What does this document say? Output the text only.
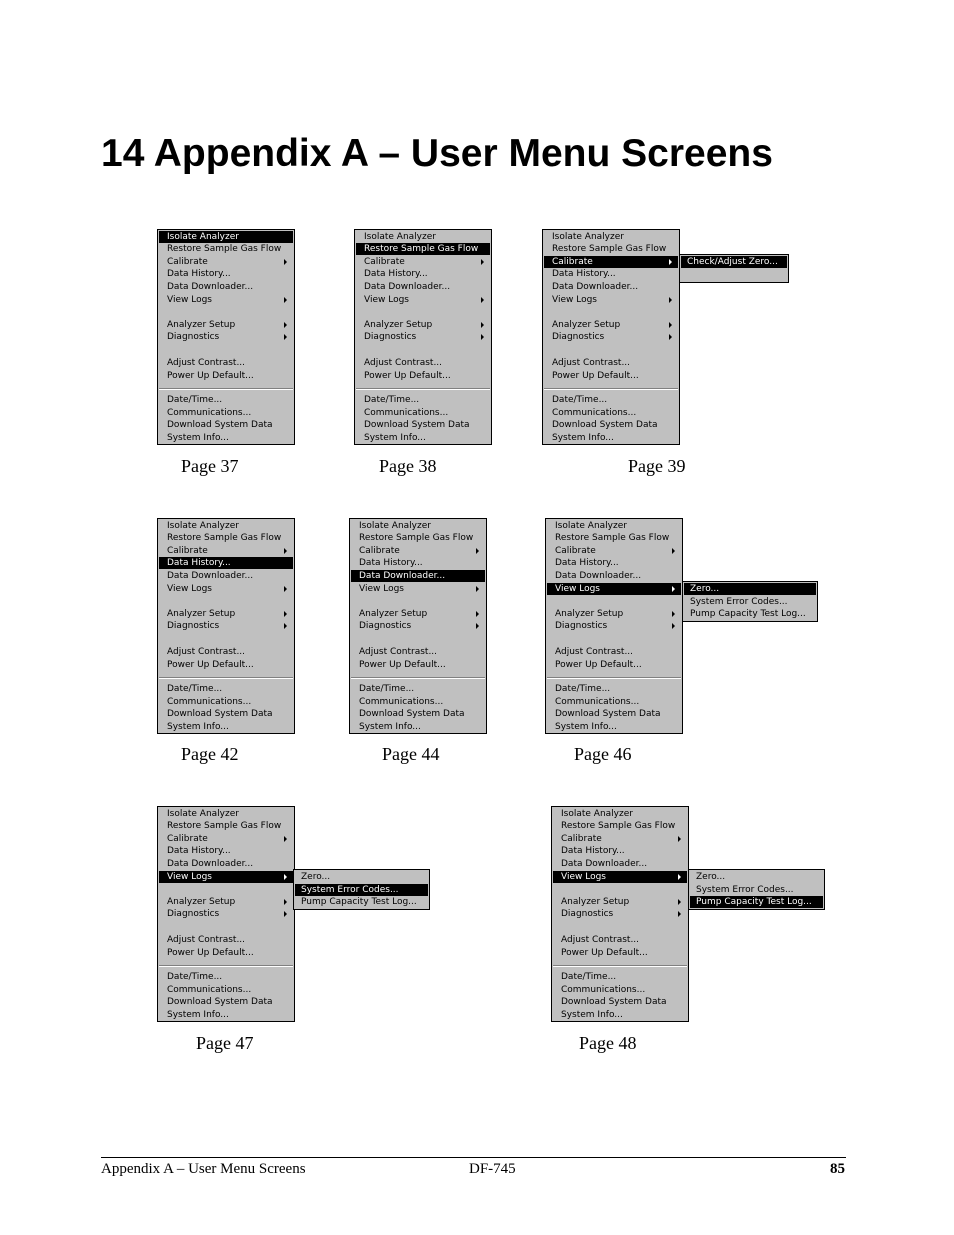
14 Appendix A – User Menu Screens
Isolate Analyzer
Restore Sample Gas Flow
Calibrate
Data History...
Data Downloader...
View Logs
Analyzer Setup
Diagnostics
Adjust Contrast...
Power Up Default...
Date/Time...
Communications...
Download System Data
System Info...
Page 37
Isolate Analyzer
Restore Sample Gas Flow
Calibrate
Data History...
Data Downloader...
View Logs
Analyzer Setup
Diagnostics
Adjust Contrast...
Power Up Default...
Date/Time...
Communications...
Download System Data
System Info...
Page 38
Isolate Analyzer
Restore Sample Gas Flow
Calibrate
Data History...
Data Downloader...
View Logs
Analyzer Setup
Diagnostics
Adjust Contrast...
Power Up Default...
Date/Time...
Communications...
Download System Data
System Info...
Check/Adjust Zero...
Page 39
Isolate Analyzer
Restore Sample Gas Flow
Calibrate
Data History...
Data Downloader...
View Logs
Analyzer Setup
Diagnostics
Adjust Contrast...
Power Up Default...
Date/Time...
Communications...
Download System Data
System Info...
Page 42
Isolate Analyzer
Restore Sample Gas Flow
Calibrate
Data History...
Data Downloader...
View Logs
Analyzer Setup
Diagnostics
Adjust Contrast...
Power Up Default...
Date/Time...
Communications...
Download System Data
System Info...
Page 44
Isolate Analyzer
Restore Sample Gas Flow
Calibrate
Data History...
Data Downloader...
View Logs
Analyzer Setup
Diagnostics
Adjust Contrast...
Power Up Default...
Date/Time...
Communications...
Download System Data
System Info...
Zero...
System Error Codes...
Pump Capacity Test Log...
Page 46
Isolate Analyzer
Restore Sample Gas Flow
Calibrate
Data History...
Data Downloader...
View Logs
Analyzer Setup
Diagnostics
Adjust Contrast...
Power Up Default...
Date/Time...
Communications...
Download System Data
System Info...
Zero...
System Error Codes...
Pump Capacity Test Log...
Page 47
Isolate Analyzer
Restore Sample Gas Flow
Calibrate
Data History...
Data Downloader...
View Logs
Analyzer Setup
Diagnostics
Adjust Contrast...
Power Up Default...
Date/Time...
Communications...
Download System Data
System Info...
Zero...
System Error Codes...
Pump Capacity Test Log...
Page 48
Appendix A – User Menu Screens	DF-745	85
